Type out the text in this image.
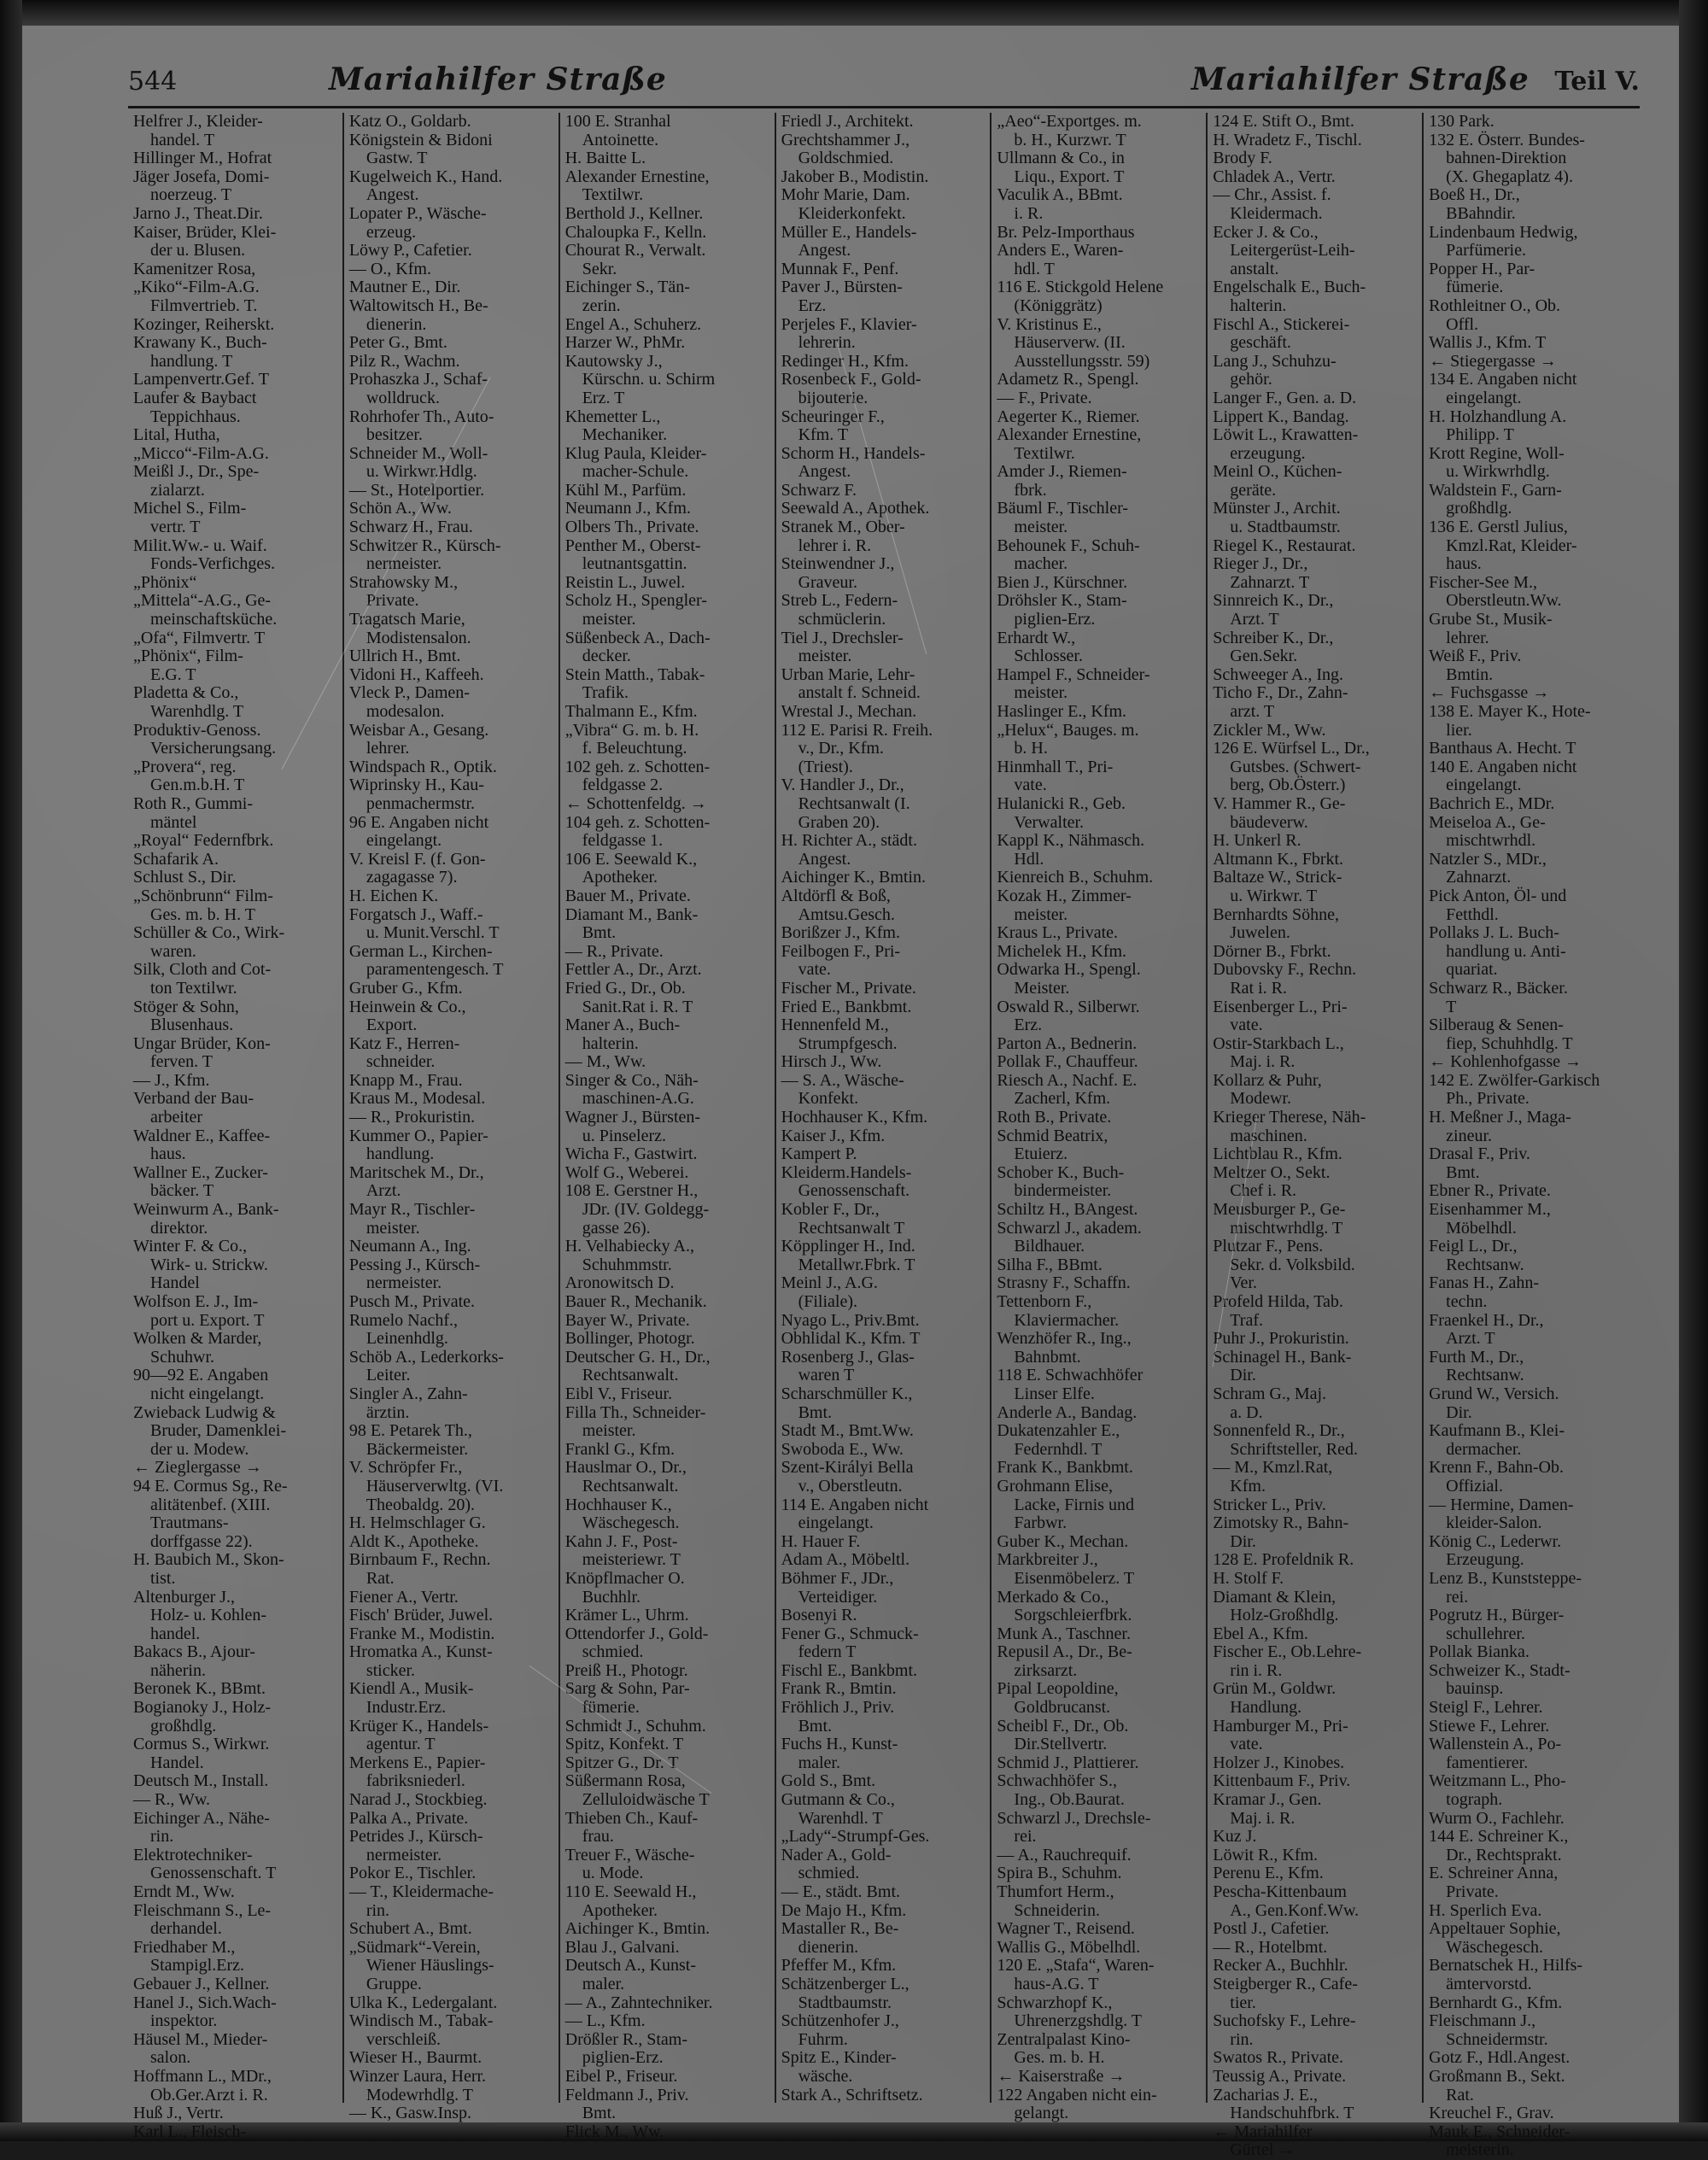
544	Mariahilfer Straße	Mariahilfer Straße Teil V.
Helfrer J., Kleider-
 handel. T
Hillinger M., Hofrat
Jäger Josefa, Domi-
 noerzeug. T
Jarno J., Theat.Dir.
Kaiser, Brüder, Klei-
 der u. Blusen.
Kamenitzer Rosa,
„Kiko“-Film-A.G.
 Filmvertrieb. T.
Kozinger, Reiherskt.
Krawany K., Buch-
 handlung. T
Lampenvertr.Gef. T
Laufer & Baybact
 Teppichhaus.
Lital, Hutha,
„Micco“-Film-A.G.
Meißl J., Dr., Spe-
 zialarzt.
Michel S., Film-
 vertr. T
Milit.Ww.- u. Waif.
 Fonds-Verfichges.
„Phönix“
„Mittela“-A.G., Ge-
 meinschaftsküche.
„Ofa“, Filmvertr. T
„Phönix“, Film-
 E.G. T
Pladetta & Co.,
 Warenhdlg. T
Produktiv-Genoss.
 Versicherungsang.
„Provera“, reg.
 Gen.m.b.H. T
Roth R., Gummi-
 mäntel
„Royal“ Federnfbrk.
Schafarik A.
Schlust S., Dir.
„Schönbrunn“ Film-
 Ges. m. b. H. T
Schüller & Co., Wirk-
 waren.
Silk, Cloth and Cot-
 ton Textilwr.
Stöger & Sohn,
 Blusenhaus.
Ungar Brüder, Kon-
 ferven. T
— J., Kfm.
Verband der Bau-
 arbeiter
Waldner E., Kaffee-
 haus.
Wallner E., Zucker-
 bäcker. T
Weinwurm A., Bank-
 direktor.
Winter F. & Co.,
 Wirk- u. Strickw.
 Handel
Wolfson E. J., Im-
 port u. Export. T
Wolken & Marder,
 Schuhwr.
90—92 E. Angaben
 nicht eingelangt.
Zwieback Ludwig &
 Bruder, Damenklei-
 der u. Modew.
← Zieglergasse →
94 E. Cormus Sg., Re-
 alitätenbef. (XIII.
 Trautmans-
 dorffgasse 22).
H. Baubich M., Skon-
 tist.
Altenburger J.,
 Holz- u. Kohlen-
 handel.
Bakacs B., Ajour-
 näherin.
Beronek K., BBmt.
Bogianoky J., Holz-
 großhdlg.
Cormus S., Wirkwr.
 Handel.
Deutsch M., Install.
— R., Ww.
Eichinger A., Nähe-
 rin.
Elektrotechniker-
 Genossenschaft. T
Erndt M., Ww.
Fleischmann S., Le-
 derhandel.
Friedhaber M.,
 Stampigl.Erz.
Gebauer J., Kellner.
Hanel J., Sich.Wach-
 inspektor.
Häusel M., Mieder-
 salon.
Hoffmann L., MDr.,
 Ob.Ger.Arzt i. R.
Huß J., Vertr.
Karl L., Fleisch-
Katz O., Goldarb.
Königstein & Bidoni
 Gastw. T
Kugelweich K., Hand.
 Angest.
Lopater P., Wäsche-
 erzeug.
Löwy P., Cafetier.
— O., Kfm.
Mautner E., Dir.
Waltowitsch H., Be-
 dienerin.
Peter G., Bmt.
Pilz R., Wachm.
Prohaszka J., Schaf-
 wolldruck.
Rohrhofer Th., Auto-
 besitzer.
Schneider M., Woll-
 u. Wirkwr.Hdlg.
— St., Hotelportier.
Schön A., Ww.
Schwarz H., Frau.
Schwitzer R., Kürsch-
 nermeister.
Strahowsky M.,
 Private.
Tragatsch Marie,
 Modistensalon.
Ullrich H., Bmt.
Vidoni H., Kaffeeh.
Vleck P., Damen-
 modesalon.
Weisbar A., Gesang.
 lehrer.
Windspach R., Optik.
Wiprinsky H., Kau-
 penmachermstr.
96 E. Angaben nicht
 eingelangt.
V. Kreisl F. (f. Gon-
 zagagasse 7).
H. Eichen K.
Forgatsch J., Waff.-
 u. Munit.Verschl. T
German L., Kirchen-
 paramentengesch. T
Gruber G., Kfm.
Heinwein & Co.,
 Export.
Katz F., Herren-
 schneider.
Knapp M., Frau.
Kraus M., Modesal.
— R., Prokuristin.
Kummer O., Papier-
 handlung.
Maritschek M., Dr.,
 Arzt.
Mayr R., Tischler-
 meister.
Neumann A., Ing.
Pessing J., Kürsch-
 nermeister.
Pusch M., Private.
Rumelo Nachf.,
 Leinenhdlg.
Schöb A., Lederkorks-
 Leiter.
Singler A., Zahn-
 ärztin.
98 E. Petarek Th.,
 Bäckermeister.
V. Schröpfer Fr.,
 Häuserverwltg. (VI.
 Theobaldg. 20).
H. Helmschlager G.
Aldt K., Apotheke.
Birnbaum F., Rechn.
 Rat.
Fiener A., Vertr.
Fisch' Brüder, Juwel.
Franke M., Modistin.
Hromatka A., Kunst-
 sticker.
Kiendl A., Musik-
 Industr.Erz.
Krüger K., Handels-
 agentur. T
Merkens E., Papier-
 fabriksniederl.
Narad J., Stockbieg.
Palka A., Private.
Petrides J., Kürsch-
 nermeister.
Pokor E., Tischler.
— T., Kleidermache-
 rin.
Schubert A., Bmt.
„Südmark“-Verein,
 Wiener Häuslings-
 Gruppe.
Ulka K., Ledergalant.
Windisch M., Tabak-
 verschleiß.
Wieser H., Baurmt.
Winzer Laura, Herr.
 Modewrhdlg. T
— K., Gasw.Insp.
100 E. Stranhal
 Antoinette.
H. Baitte L.
Alexander Ernestine,
 Textilwr.
Berthold J., Kellner.
Chaloupka F., Kelln.
Chourat R., Verwalt.
 Sekr.
Eichinger S., Tän-
 zerin.
Engel A., Schuherz.
Harzer W., PhMr.
Kautowsky J.,
 Kürschn. u. Schirm
 Erz. T
Khemetter L.,
 Mechaniker.
Klug Paula, Kleider-
 macher-Schule.
Kühl M., Parfüm.
Neumann J., Kfm.
Olbers Th., Private.
Penther M., Oberst-
 leutnantsgattin.
Reistin L., Juwel.
Scholz H., Spengler-
 meister.
Süßenbeck A., Dach-
 decker.
Stein Matth., Tabak-
 Trafik.
Thalmann E., Kfm.
„Vibra“ G. m. b. H.
 f. Beleuchtung.
102 geh. z. Schotten-
 feldgasse 2.
← Schottenfeldg. →
104 geh. z. Schotten-
 feldgasse 1.
106 E. Seewald K.,
 Apotheker.
Bauer M., Private.
Diamant M., Bank-
 Bmt.
— R., Private.
Fettler A., Dr., Arzt.
Fried G., Dr., Ob.
 Sanit.Rat i. R. T
Maner A., Buch-
 halterin.
— M., Ww.
Singer & Co., Näh-
 maschinen-A.G.
Wagner J., Bürsten-
 u. Pinselerz.
Wicha F., Gastwirt.
Wolf G., Weberei.
108 E. Gerstner H.,
 JDr. (IV. Goldegg-
 gasse 26).
H. Velhabiecky A.,
 Schuhmmstr.
Aronowitsch D.
Bauer R., Mechanik.
Bayer W., Private.
Bollinger, Photogr.
Deutscher G. H., Dr.,
 Rechtsanwalt.
Eibl V., Friseur.
Filla Th., Schneider-
 meister.
Frankl G., Kfm.
Hauslmar O., Dr.,
 Rechtsanwalt.
Hochhauser K.,
 Wäschegesch.
Kahn J. F., Post-
 meisteriewr. T
Knöpflmacher O.
 Buchhlr.
Krämer L., Uhrm.
Ottendorfer J., Gold-
 schmied.
Preiß H., Photogr.
Sarg & Sohn, Par-
 fümerie.
Schmidt J., Schuhm.
Spitz, Konfekt. T
Spitzer G., Dr. T
Süßermann Rosa,
 Zelluloidwäsche T
Thieben Ch., Kauf-
 frau.
Treuer F., Wäsche-
 u. Mode.
110 E. Seewald H.,
 Apotheker.
Aichinger K., Bmtin.
Blau J., Galvani.
Deutsch A., Kunst-
 maler.
— A., Zahntechniker.
— L., Kfm.
Drößler R., Stam-
 piglien-Erz.
Eibel P., Friseur.
Feldmann J., Priv.
 Bmt.
Flick M., Ww.
Friedl J., Architekt.
Grechtshammer J.,
 Goldschmied.
Jakober B., Modistin.
Mohr Marie, Dam.
 Kleiderkonfekt.
Müller E., Handels-
 Angest.
Munnak F., Penf.
Paver J., Bürsten-
 Erz.
Perjeles F., Klavier-
 lehrerin.
Redinger H., Kfm.
Rosenbeck F., Gold-
 bijouterie.
Scheuringer F.,
 Kfm. T
Schorm H., Handels-
 Angest.
Schwarz F.
Seewald A., Apothek.
Stranek M., Ober-
 lehrer i. R.
Steinwendner J.,
 Graveur.
Streb L., Federn-
 schmüclerin.
Tiel J., Drechsler-
 meister.
Urban Marie, Lehr-
 anstalt f. Schneid.
Wrestal J., Mechan.
112 E. Parisi R. Freih.
 v., Dr., Kfm.
 (Triest).
V. Handler J., Dr.,
 Rechtsanwalt (I.
 Graben 20).
H. Richter A., städt.
 Angest.
Aichinger K., Bmtin.
Altdörfl & Boß,
 Amtsu.Gesch.
Borißzer J., Kfm.
Feilbogen F., Pri-
 vate.
Fischer M., Private.
Fried E., Bankbmt.
Hennenfeld M.,
 Strumpfgesch.
Hirsch J., Ww.
— S. A., Wäsche-
 Konfekt.
Hochhauser K., Kfm.
Kaiser J., Kfm.
Kampert P.
Kleiderm.Handels-
 Genossenschaft.
Kobler F., Dr.,
 Rechtsanwalt T
Köpplinger H., Ind.
 Metallwr.Fbrk. T
Meinl J., A.G.
 (Filiale).
Nyago L., Priv.Bmt.
Obhlidal K., Kfm. T
Rosenberg J., Glas-
 waren T
Scharschmüller K.,
 Bmt.
Stadt M., Bmt.Ww.
Swoboda E., Ww.
Szent-Királyi Bella
 v., Oberstleutn.
114 E. Angaben nicht
 eingelangt.
H. Hauer F.
Adam A., Möbeltl.
Böhmer F., JDr.,
 Verteidiger.
Bosenyi R.
Fener G., Schmuck-
 federn T
Fischl E., Bankbmt.
Frank R., Bmtin.
Fröhlich J., Priv.
 Bmt.
Fuchs H., Kunst-
 maler.
Gold S., Bmt.
Gutmann & Co.,
 Warenhdl. T
„Lady“-Strumpf-Ges.
Nader A., Gold-
 schmied.
— E., städt. Bmt.
De Majo H., Kfm.
Mastaller R., Be-
 dienerin.
Pfeffer M., Kfm.
Schätzenberger L.,
 Stadtbaumstr.
Schützenhofer J.,
 Fuhrm.
Spitz E., Kinder-
 wäsche.
Stark A., Schriftsetz.
„Aeo“-Exportges. m.
 b. H., Kurzwr. T
Ullmann & Co., in
 Liqu., Export. T
Vaculik A., BBmt.
 i. R.
Br. Pelz-Importhaus
Anders E., Waren-
 hdl. T
116 E. Stickgold Helene
 (Königgrätz)
V. Kristinus E.,
 Häuserverw. (II.
 Ausstellungsstr. 59)
Adametz R., Spengl.
— F., Private.
Aegerter K., Riemer.
Alexander Ernestine,
 Textilwr.
Amder J., Riemen-
 fbrk.
Bäuml F., Tischler-
 meister.
Behounek F., Schuh-
 macher.
Bien J., Kürschner.
Dröhsler K., Stam-
 piglien-Erz.
Erhardt W.,
 Schlosser.
Hampel F., Schneider-
 meister.
Haslinger E., Kfm.
„Helux“, Bauges. m.
 b. H.
Hinmhall T., Pri-
 vate.
Hulanicki R., Geb.
 Verwalter.
Kappl K., Nähmasch.
 Hdl.
Kienreich B., Schuhm.
Kozak H., Zimmer-
 meister.
Kraus L., Private.
Michelek H., Kfm.
Odwarka H., Spengl.
 Meister.
Oswald R., Silberwr.
 Erz.
Parton A., Bednerin.
Pollak F., Chauffeur.
Riesch A., Nachf. E.
 Zacherl, Kfm.
Roth B., Private.
Schmid Beatrix,
 Etuierz.
Schober K., Buch-
 bindermeister.
Schiltz H., BAngest.
Schwarzl J., akadem.
 Bildhauer.
Silha F., BBmt.
Strasny F., Schaffn.
Tettenborn F.,
 Klaviermacher.
Wenzhöfer R., Ing.,
 Bahnbmt.
118 E. Schwachhöfer
 Linser Elfe.
Anderle A., Bandag.
Dukatenzahler E.,
 Federnhdl. T
Frank K., Bankbmt.
Grohmann Elise,
 Lacke, Firnis und
 Farbwr.
Guber K., Mechan.
Markbreiter J.,
 Eisenmöbelerz. T
Merkado & Co.,
 Sorgschleierfbrk.
Munk A., Taschner.
Repusil A., Dr., Be-
 zirksarzt.
Pipal Leopoldine,
 Goldbrucanst.
Scheibl F., Dr., Ob.
 Dir.Stellvertr.
Schmid J., Plattierer.
Schwachhöfer S.,
 Ing., Ob.Baurat.
Schwarzl J., Drechsle-
 rei.
— A., Rauchrequif.
Spira B., Schuhm.
Thumfort Herm.,
 Schneiderin.
Wagner T., Reisend.
Wallis G., Möbelhdl.
120 E. „Stafa“, Waren-
 haus-A.G. T
Schwarzhopf K.,
 Uhrenerzgshdlg. T
Zentralpalast Kino-
 Ges. m. b. H.
← Kaiserstraße →
122 Angaben nicht ein-
 gelangt.
124 E. Stift O., Bmt.
H. Wradetz F., Tischl.
Brody F.
Chladek A., Vertr.
— Chr., Assist. f.
 Kleidermach.
Ecker J. & Co.,
 Leitergerüst-Leih-
 anstalt.
Engelschalk E., Buch-
 halterin.
Fischl A., Stickerei-
 geschäft.
Lang J., Schuhzu-
 gehör.
Langer F., Gen. a. D.
Lippert K., Bandag.
Löwit L., Krawatten-
 erzeugung.
Meinl O., Küchen-
 geräte.
Münster J., Archit.
 u. Stadtbaumstr.
Riegel K., Restaurat.
Rieger J., Dr.,
 Zahnarzt. T
Sinnreich K., Dr.,
 Arzt. T
Schreiber K., Dr.,
 Gen.Sekr.
Schweeger A., Ing.
Ticho F., Dr., Zahn-
 arzt. T
Zickler M., Ww.
126 E. Würfsel L., Dr.,
 Gutsbes. (Schwert-
 berg, Ob.Österr.)
V. Hammer R., Ge-
 bäudeverw.
H. Unkerl R.
Altmann K., Fbrkt.
Baltaze W., Strick-
 u. Wirkwr. T
Bernhardts Söhne,
 Juwelen.
Dörner B., Fbrkt.
Dubovsky F., Rechn.
 Rat i. R.
Eisenberger L., Pri-
 vate.
Ostir-Starkbach L.,
 Maj. i. R.
Kollarz & Puhr,
 Modewr.
Krieger Therese, Näh-
 maschinen.
Lichtblau R., Kfm.
Meltzer O., Sekt.
 Chef i. R.
Meusburger P., Ge-
 mischtwrhdlg. T
Plutzar F., Pens.
 Sekr. d. Volksbild.
 Ver.
Profeld Hilda, Tab.
 Traf.
Puhr J., Prokuristin.
Schinagel H., Bank-
 Dir.
Schram G., Maj.
 a. D.
Sonnenfeld R., Dr.,
 Schriftsteller, Red.
— M., Kmzl.Rat,
 Kfm.
Stricker L., Priv.
Zimotsky R., Bahn-
 Dir.
128 E. Profeldnik R.
H. Stolf F.
Diamant & Klein,
 Holz-Großhdlg.
Ebel A., Kfm.
Fischer E., Ob.Lehre-
 rin i. R.
Grün M., Goldwr.
 Handlung.
Hamburger M., Pri-
 vate.
Holzer J., Kinobes.
Kittenbaum F., Priv.
Kramar J., Gen.
 Maj. i. R.
Kuz J.
Löwit R., Kfm.
Perenu E., Kfm.
Pescha-Kittenbaum
 A., Gen.Konf.Ww.
Postl J., Cafetier.
— R., Hotelbmt.
Recker A., Buchhlr.
Steigberger R., Cafe-
 tier.
Suchofsky F., Lehre-
 rin.
Swatos R., Private.
Teussig A., Private.
Zacharias J. E.,
 Handschuhfbrk. T
← Mariahilfer
 Gürtel →
130 Park.
132 E. Österr. Bundes-
 bahnen-Direktion
 (X. Ghegaplatz 4).
Boeß H., Dr.,
 BBahndir.
Lindenbaum Hedwig,
 Parfümerie.
Popper H., Par-
 fümerie.
Rothleitner O., Ob.
 Offl.
Wallis J., Kfm. T
← Stiegergasse →
134 E. Angaben nicht
 eingelangt.
H. Holzhandlung A.
 Philipp. T
Krott Regine, Woll-
 u. Wirkwrhdlg.
Waldstein F., Garn-
 großhdlg.
136 E. Gerstl Julius,
 Kmzl.Rat, Kleider-
 haus.
Fischer-See M.,
 Oberstleutn.Ww.
Grube St., Musik-
 lehrer.
Weiß F., Priv.
 Bmtin.
← Fuchsgasse →
138 E. Mayer K., Hote-
 lier.
Banthaus A. Hecht. T
140 E. Angaben nicht
 eingelangt.
Bachrich E., MDr.
Meiseloa A., Ge-
 mischtwrhdl.
Natzler S., MDr.,
 Zahnarzt.
Pick Anton, Öl- und
 Fetthdl.
Pollaks J. L. Buch-
 handlung u. Anti-
 quariat.
Schwarz R., Bäcker.
 T
Silberaug & Senen-
 fiep, Schuhhdlg. T
← Kohlenhofgasse →
142 E. Zwölfer-Garkisch
 Ph., Private.
H. Meßner J., Maga-
 zineur.
Drasal F., Priv.
 Bmt.
Ebner R., Private.
Eisenhammer M.,
 Möbelhdl.
Feigl L., Dr.,
 Rechtsanw.
Fanas H., Zahn-
 techn.
Fraenkel H., Dr.,
 Arzt. T
Furth M., Dr.,
 Rechtsanw.
Grund W., Versich.
 Dir.
Kaufmann B., Klei-
 dermacher.
Krenn F., Bahn-Ob.
 Offizial.
— Hermine, Damen-
 kleider-Salon.
König C., Lederwr.
 Erzeugung.
Lenz B., Kunststeppe-
 rei.
Pogrutz H., Bürger-
 schullehrer.
Pollak Bianka.
Schweizer K., Stadt-
 bauinsp.
Steigl F., Lehrer.
Stiewe F., Lehrer.
Wallenstein A., Po-
 famentierer.
Weitzmann L., Pho-
 tograph.
Wurm O., Fachlehr.
144 E. Schreiner K.,
 Dr., Rechtsprakt.
E. Schreiner Anna,
 Private.
H. Sperlich Eva.
Appeltauer Sophie,
 Wäschegesch.
Bernatschek H., Hilfs-
 ämtervorstd.
Bernhardt G., Kfm.
Fleischmann J.,
 Schneidermstr.
Gotz F., Hdl.Angest.
Großmann B., Sekt.
 Rat.
Kreuchel F., Grav.
Mauk E., Schneider-
 meisterin.
